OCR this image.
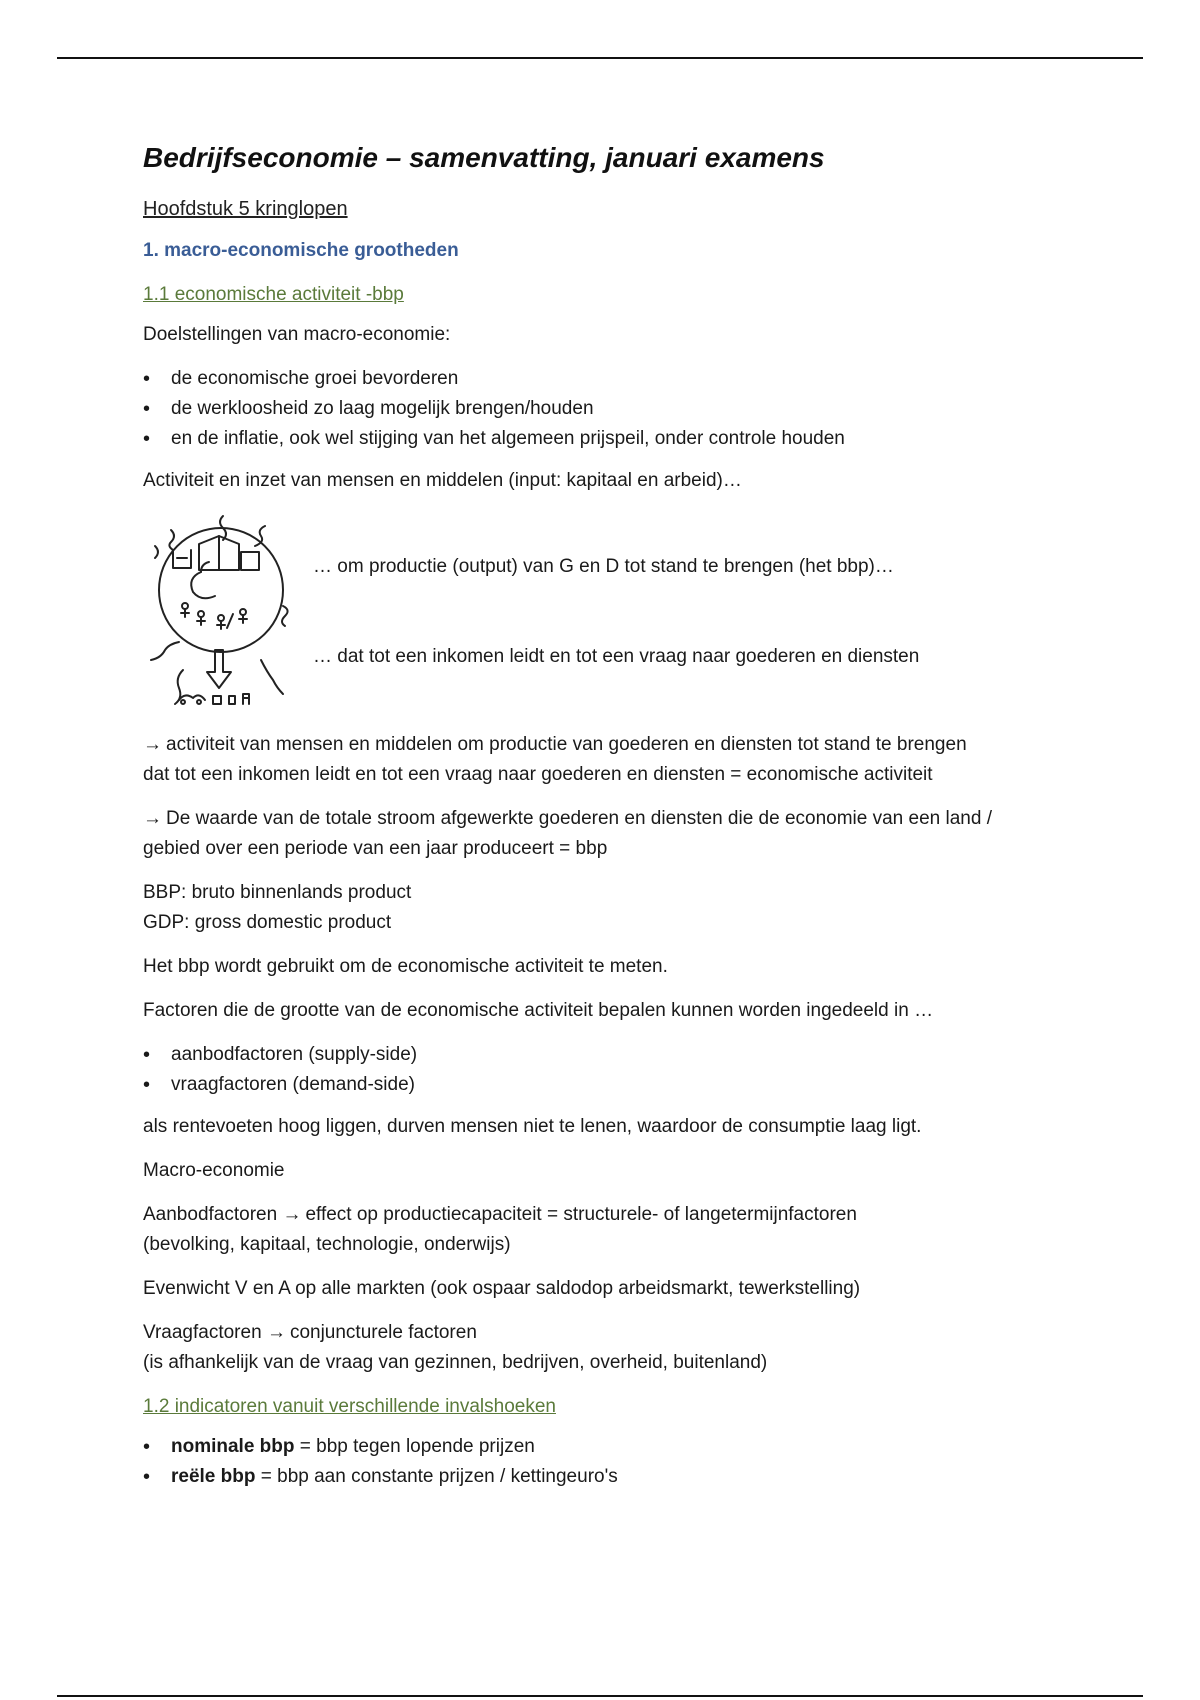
Bedrijfseconomie – samenvatting, januari examens
Hoofdstuk 5 kringlopen
1. macro-economische grootheden
1.1 economische activiteit -bbp

Doelstellingen van macro-economie:

• de economische groei bevorderen
• de werkloosheid zo laag mogelijk brengen/houden
• en de inflatie, ook wel stijging van het algemeen prijspeil, onder controle houden

Activiteit en inzet van mensen en middelen (input: kapitaal en arbeid)…

… om productie (output) van G en D tot stand te brengen (het bbp)…
… dat tot een inkomen leidt en tot een vraag naar goederen en diensten

→ activiteit van mensen en middelen om productie van goederen en diensten tot stand te brengen
dat tot een inkomen leidt en tot een vraag naar goederen en diensten = economische activiteit

→ De waarde van de totale stroom afgewerkte goederen en diensten die de economie van een land /
gebied over een periode van een jaar produceert = bbp

BBP: bruto binnenlands product
GDP: gross domestic product

Het bbp wordt gebruikt om de economische activiteit te meten.

Factoren die de grootte van de economische activiteit bepalen kunnen worden ingedeeld in …

• aanbodfactoren (supply-side)
• vraagfactoren (demand-side)

als rentevoeten hoog liggen, durven mensen niet te lenen, waardoor de consumptie laag ligt.

Macro-economie

Aanbodfactoren → effect op productiecapaciteit = structurele- of langetermijnfactoren
(bevolking, kapitaal, technologie, onderwijs)

Evenwicht V en A op alle markten (ook ospaar saldodop arbeidsmarkt, tewerkstelling)

Vraagfactoren → conjuncturele factoren
(is afhankelijk van de vraag van gezinnen, bedrijven, overheid, buitenland)

1.2 indicatoren vanuit verschillende invalshoeken
• nominale bbp = bbp tegen lopende prijzen
• reële bbp = bbp aan constante prijzen / kettingeuro's
